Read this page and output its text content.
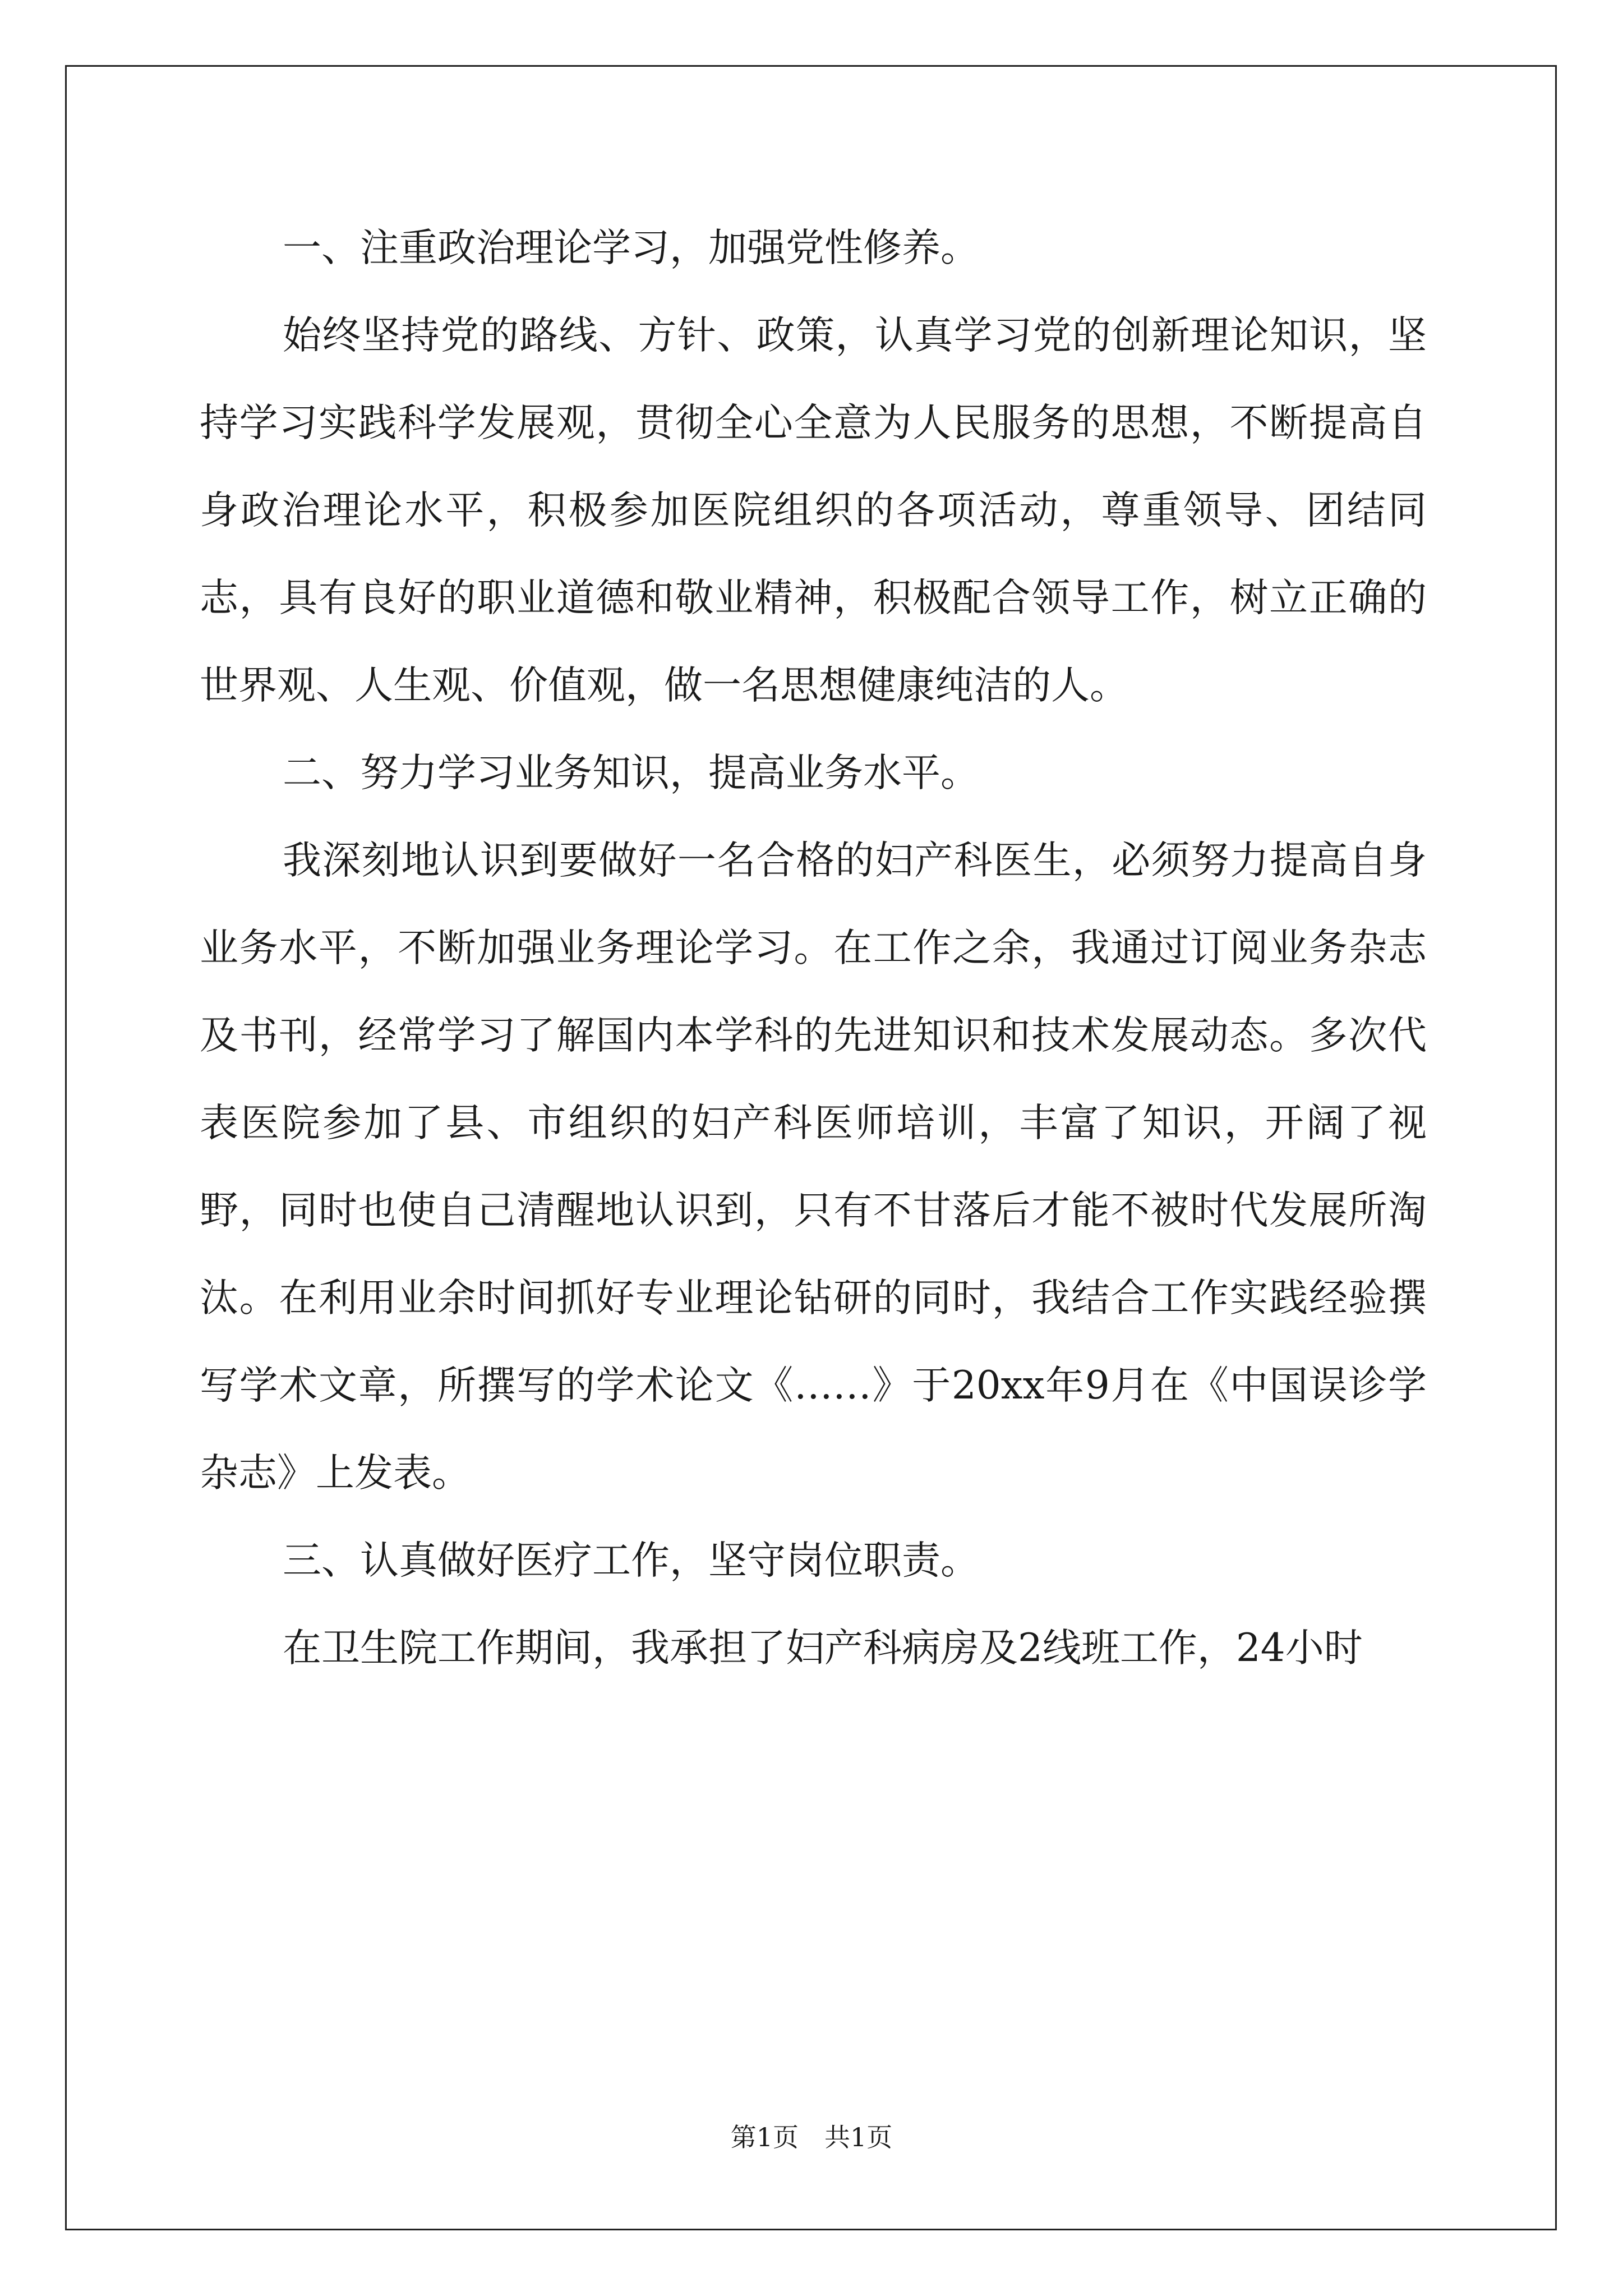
一、注重政治理论学习，加强党性修养。

始终坚持党的路线、方针、政策，认真学习党的创新理论知识，坚持学习实践科学发展观，贯彻全心全意为人民服务的思想，不断提高自身政治理论水平，积极参加医院组织的各项活动，尊重领导、团结同志，具有良好的职业道德和敬业精神，积极配合领导工作，树立正确的世界观、人生观、价值观，做一名思想健康纯洁的人。

二、努力学习业务知识，提高业务水平。

我深刻地认识到要做好一名合格的妇产科医生，必须努力提高自身业务水平，不断加强业务理论学习。在工作之余，我通过订阅业务杂志及书刊，经常学习了解国内本学科的先进知识和技术发展动态。多次代表医院参加了县、市组织的妇产科医师培训，丰富了知识，开阔了视野，同时也使自己清醒地认识到，只有不甘落后才能不被时代发展所淘汰。在利用业余时间抓好专业理论钻研的同时，我结合工作实践经验撰写学术文章，所撰写的学术论文《……》于20xx年9月在《中国误诊学杂志》上发表。

三、认真做好医疗工作，坚守岗位职责。

在卫生院工作期间，我承担了妇产科病房及2线班工作，24小时

第1页 共1页
